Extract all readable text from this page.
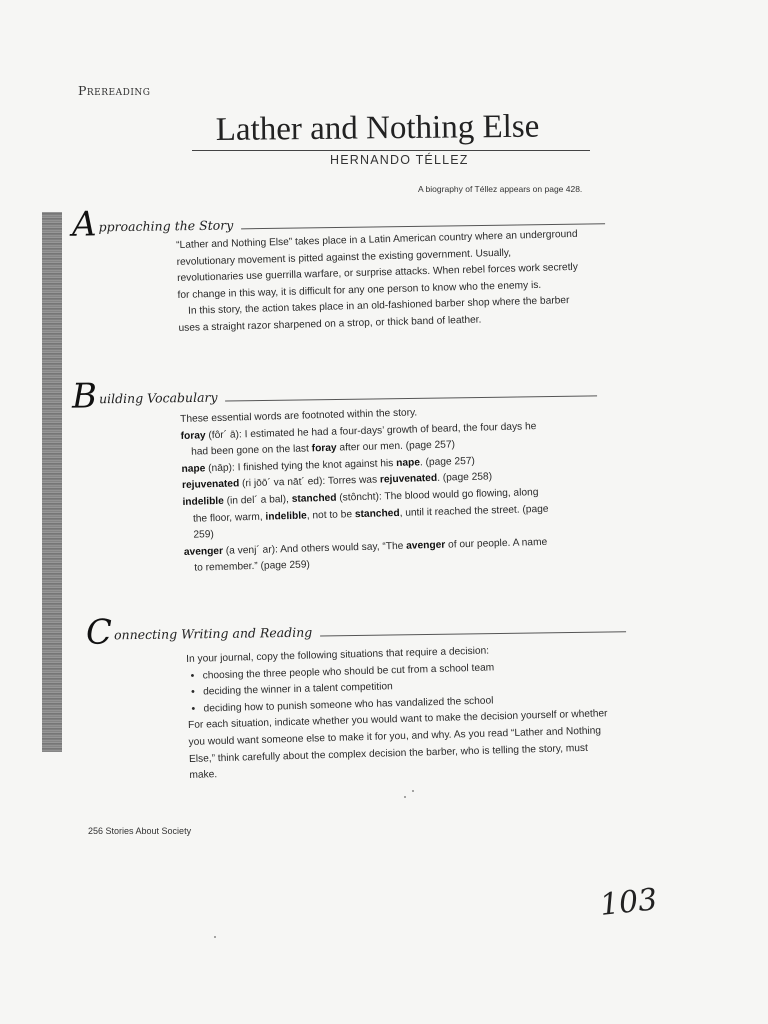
Prereading
Lather and Nothing Else
HERNANDO TÉLLEZ
A biography of Téllez appears on page 428.
A pproaching the Story

“Lather and Nothing Else” takes place in a Latin American country where an underground revolutionary movement is pitted against the existing government. Usually, revolutionaries use guerrilla warfare, or surprise attacks. When rebel forces work secretly for change in this way, it is difficult for any one person to know who the enemy is.

In this story, the action takes place in an old-fashioned barber shop where the barber uses a straight razor sharpened on a strop, or thick band of leather.

B uilding Vocabulary

These essential words are footnoted within the story.

foray (fôr´ ā): I estimated he had a four-days’ growth of beard, the four days he had been gone on the last foray after our men. (page 257)

nape (nāp): I finished tying the knot against his nape. (page 257)

rejuvenated (ri jōō´ va nāt´ ed): Torres was rejuvenated. (page 258)

indelible (in del´ a bal), stanched (stôncht): The blood would go flowing, along the floor, warm, indelible, not to be stanched, until it reached the street. (page 259)

avenger (a venj´ ar): And others would say, “The avenger of our people. A name to remember.” (page 259)

C onnecting Writing and Reading

In your journal, copy the following situations that require a decision:

• choosing the three people who should be cut from a school team
• deciding the winner in a talent competition
• deciding how to punish someone who has vandalized the school

For each situation, indicate whether you would want to make the decision yourself or whether you would want someone else to make it for you, and why. As you read “Lather and Nothing Else,” think carefully about the complex decision the barber, who is telling the story, must make.

256 Stories About Society
103
